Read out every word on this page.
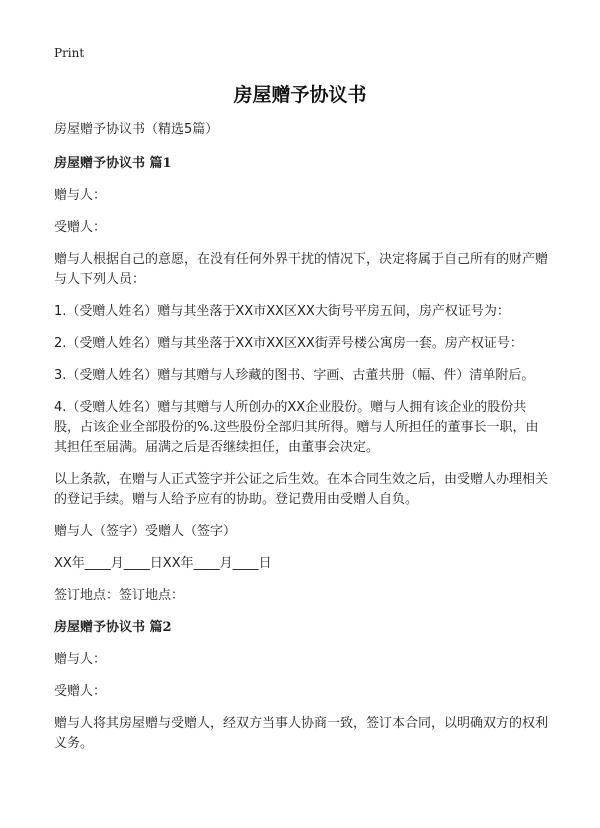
Print
房屋赠予协议书

房屋赠予协议书（精选5篇）

房屋赠予协议书 篇1

赠与人：

受赠人：

赠与人根据自己的意愿，在没有任何外界干扰的情况下，决定将属于自己所有的财产赠与人下列人员：

1.（受赠人姓名）赠与其坐落于XX市XX区XX大街号平房五间，房产权证号为：

2.（受赠人姓名）赠与其坐落于XX市XX区XX街弄号楼公寓房一套。房产权证号：

3.（受赠人姓名）赠与其赠与人珍藏的图书、字画、古董共册（幅、件）清单附后。

4.（受赠人姓名）赠与其赠与人所创办的XX企业股份。赠与人拥有该企业的股份共股，占该企业全部股份的%.这些股份全部归其所得。赠与人所担任的董事长一职，由其担任至届满。届满之后是否继续担任，由董事会决定。

以上条款，在赠与人正式签字并公证之后生效。在本合同生效之后，由受赠人办理相关的登记手续。赠与人给予应有的协助。登记费用由受赠人自负。

赠与人（签字）受赠人（签字）

XX年____月____日XX年____月____日

签订地点：签订地点：

房屋赠予协议书 篇2

赠与人：

受赠人：

赠与人将其房屋赠与受赠人，经双方当事人协商一致，签订本合同，以明确双方的权利义务。
